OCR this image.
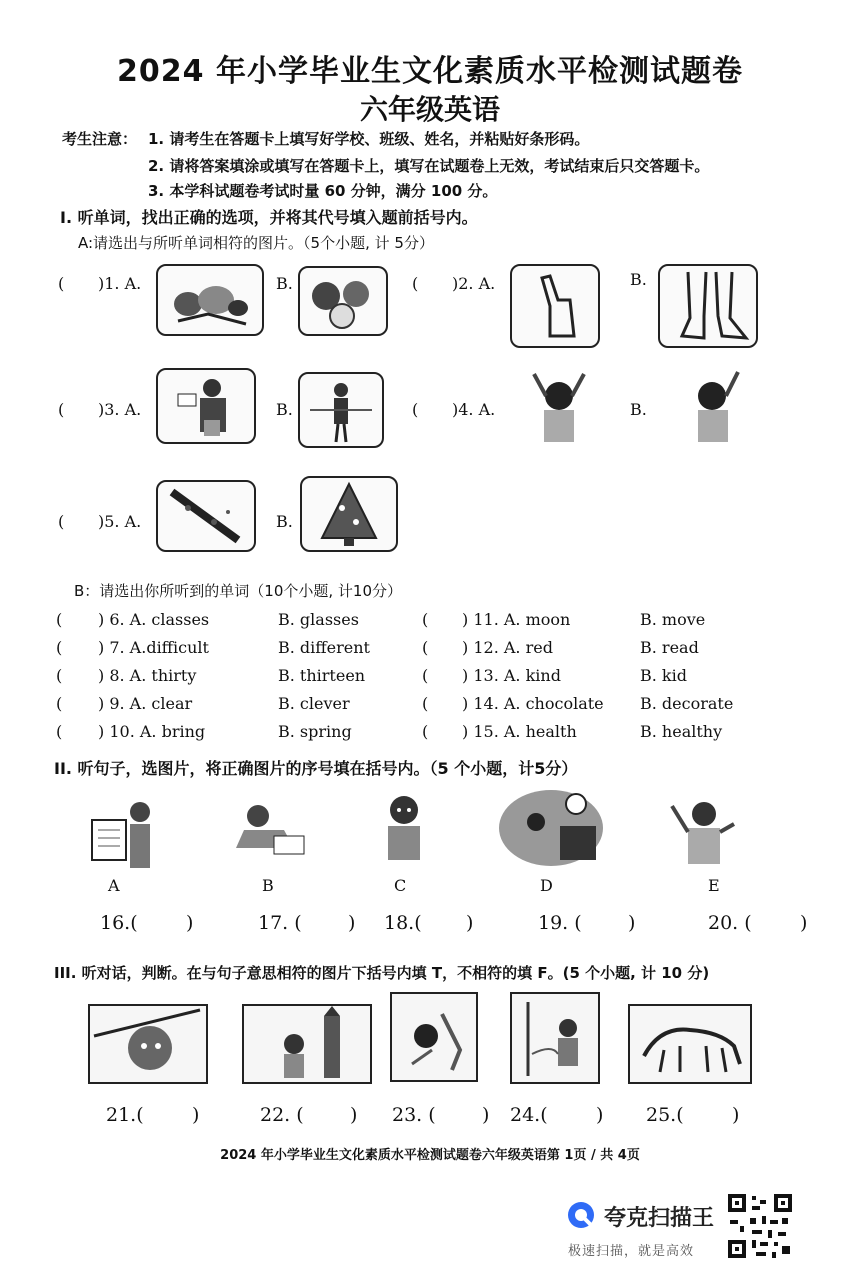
2024 年小学毕业生文化素质水平检测试题卷
六年级英语
考生注意： 1. 请考生在答题卡上填写好学校、班级、姓名，并粘贴好条形码。
2. 请将答案填涂或填写在答题卡上，填写在试题卷上无效，考试结束后只交答题卡。
3. 本学科试题卷考试时量 60 分钟，满分 100 分。
I. 听单词，找出正确的选项，并将其代号填入题前括号内。
A:请选出与所听单词相符的图片。（5个小题, 计 5分）
( )1. A.	B.	( )2. A.	B.
( )3. A.	B.	( )4. A.	B.
( )5. A.	B.
B：请选出你所听到的单词（10个小题, 计10分）
( ) 6. A. classes	B. glasses	( ) 11. A. moon	B. move
( ) 7. A.difficult	B. different	( ) 12. A. red	B. read
( ) 8. A. thirty	B. thirteen	( ) 13. A. kind	B. kid
( ) 9. A. clear	B. clever	( ) 14. A. chocolate B. decorate
( ) 10. A. bring	B. spring	( ) 15. A. health	B. healthy
II. 听句子，选图片，将正确图片的序号填在括号内。（5 个小题，计5分）
A	B	C	D	E
16.(	)	17. ( ) 18.( )	19. ( )	20. (	)
III. 听对话，判断。在与句子意思相符的图片下括号内填 T，不相符的填 F。(5 个小题, 计 10 分)
21.(	)	22. ( ) 23. ( ) 24.(	) 25.(	)
2024 年小学毕业生文化素质水平检测试题卷六年级英语第 1页 / 共 4页
夸克扫描王
极速扫描，就是高效
